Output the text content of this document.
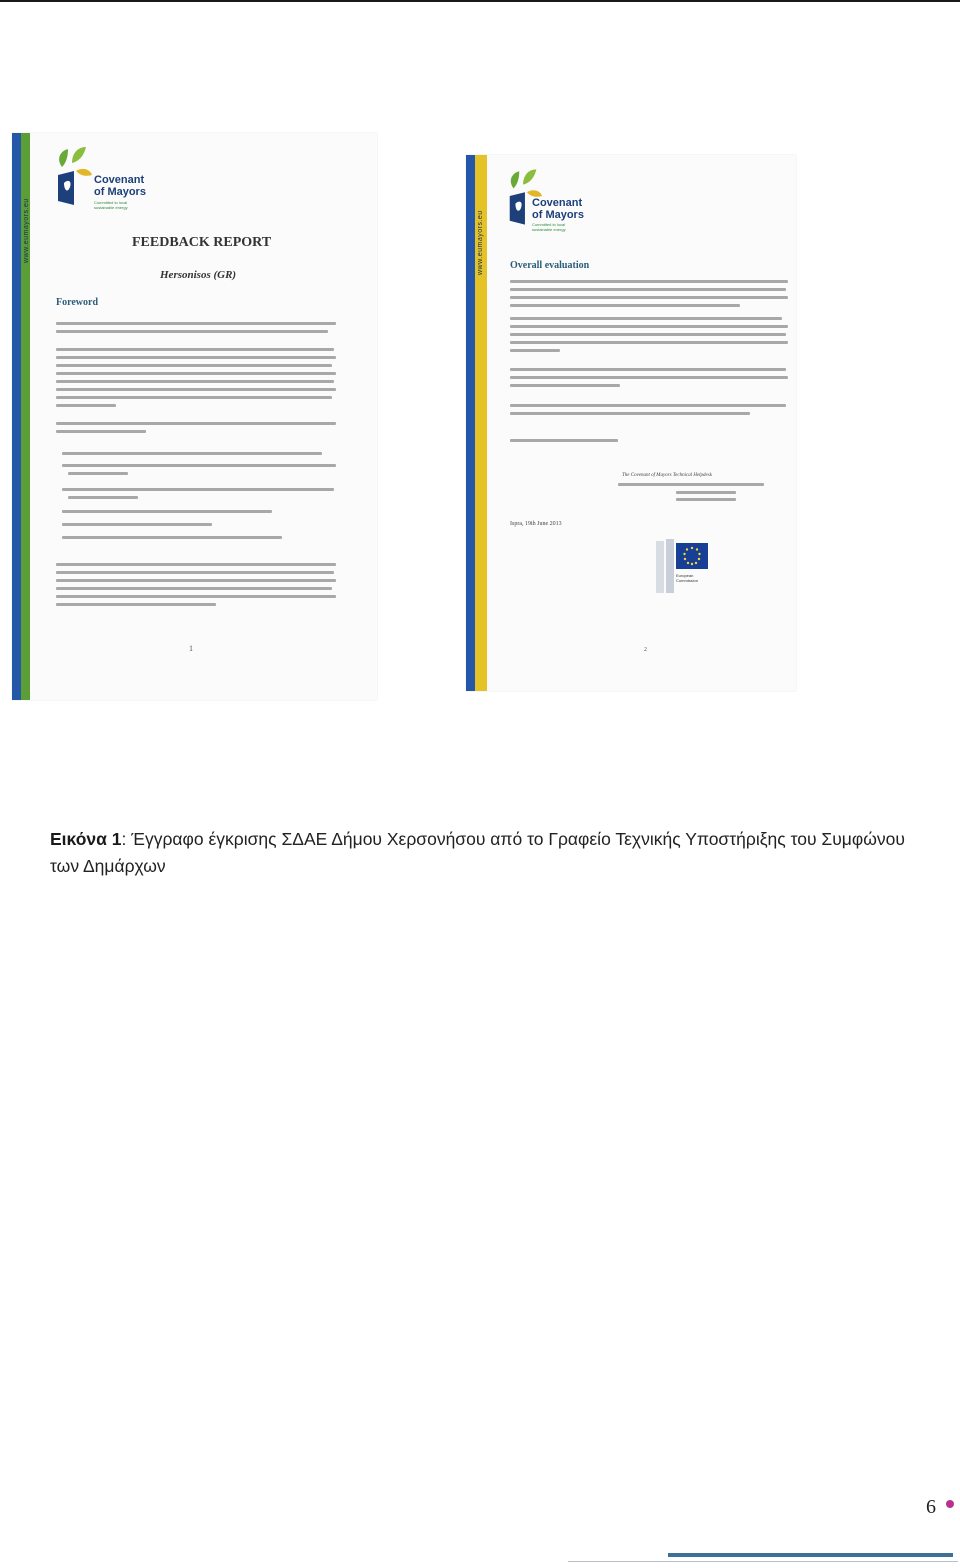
www.eumayors.eu
Covenant
of Mayors
Committed to local sustainable energy
FEEDBACK REPORT
Hersonisos (GR)
Foreword
1
www.eumayors.eu
Covenant
of Mayors
Committed to local sustainable energy
Overall evaluation
The Covenant of Mayors Technical Helpdesk
Ispra, 19th June 2013
European Commission
2
Εικόνα 1: Έγγραφο έγκρισης ΣΔΑΕ Δήμου Χερσονήσου από το Γραφείο Τεχνικής Υποστήριξης του Συμφώνου των Δημάρχων
6
